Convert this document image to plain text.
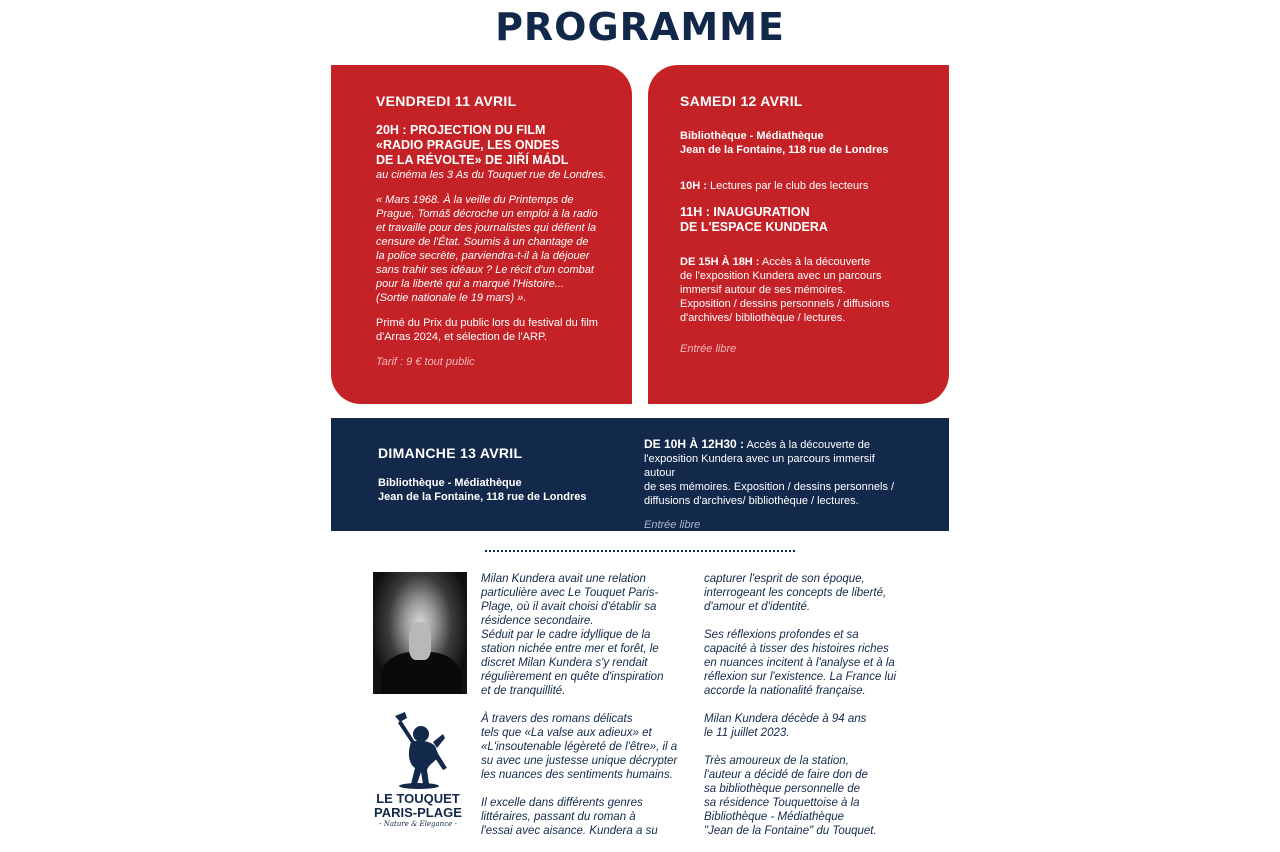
PROGRAMME

VENDREDI 11 AVRIL

20H : PROJECTION DU FILM

«RADIO PRAGUE, LES ONDES

DE LA RÉVOLTE» DE JIŘÍ MÁDL

au cinéma les 3 As du Touquet rue de Londres.

« Mars 1968. À la veille du Printemps de

Prague, Tomáš décroche un emploi à la radio

et travaille pour des journalistes qui défient la

censure de l'État. Soumis à un chantage de

la police secrète, parviendra-t-il à la déjouer

sans trahir ses idéaux ? Le récit d'un combat

pour la liberté qui a marqué l'Histoire...

(Sortie nationale le 19 mars) ».

Primé du Prix du public lors du festival du film

d'Arras 2024, et sélection de l'ARP.

Tarif : 9 € tout public

SAMEDI 12 AVRIL

Bibliothèque - Médiathèque

Jean de la Fontaine, 118 rue de Londres

10H : Lectures par le club des lecteurs

11H : INAUGURATION

DE L'ESPACE KUNDERA

DE 15H À 18H : Accès à la découverte

de l'exposition Kundera avec un parcours

immersif autour de ses mémoires.

Exposition / dessins personnels / diffusions

d'archives/ bibliothèque / lectures.

Entrée libre

DIMANCHE 13 AVRIL

Bibliothèque - Médiathèque

Jean de la Fontaine, 118 rue de Londres

DE 10H À 12H30 : Accès à la découverte de

l'exposition Kundera avec un parcours immersif autour

de ses mémoires. Exposition / dessins personnels /

diffusions d'archives/ bibliothèque / lectures.

Entrée libre

LE TOUQUET
PARIS-PLAGE
- Nature & Elegance -

Milan Kundera avait une relation
particulière avec Le Touquet Paris-
Plage, où il avait choisi d'établir sa
résidence secondaire.
Séduit par le cadre idyllique de la
station nichée entre mer et forêt, le
discret Milan Kundera s'y rendait
régulièrement en quête d'inspiration
et de tranquillité.

À travers des romans délicats
tels que «La valse aux adieux» et
«L'insoutenable légèreté de l'être», il a
su avec une justesse unique décrypter
les nuances des sentiments humains.

Il excelle dans différents genres
littéraires, passant du roman à
l'essai avec aisance. Kundera a su

capturer l'esprit de son époque,
interrogeant les concepts de liberté,
d'amour et d'identité.

Ses réflexions profondes et sa
capacité à tisser des histoires riches
en nuances incitent à l'analyse et à la
réflexion sur l'existence. La France lui
accorde la nationalité française.

Milan Kundera décède à 94 ans
le 11 juillet 2023.

Très amoureux de la station,
l'auteur a décidé de faire don de
sa bibliothèque personnelle de
sa résidence Touquettoise à la
Bibliothèque - Médiathèque
"Jean de la Fontaine" du Touquet.
